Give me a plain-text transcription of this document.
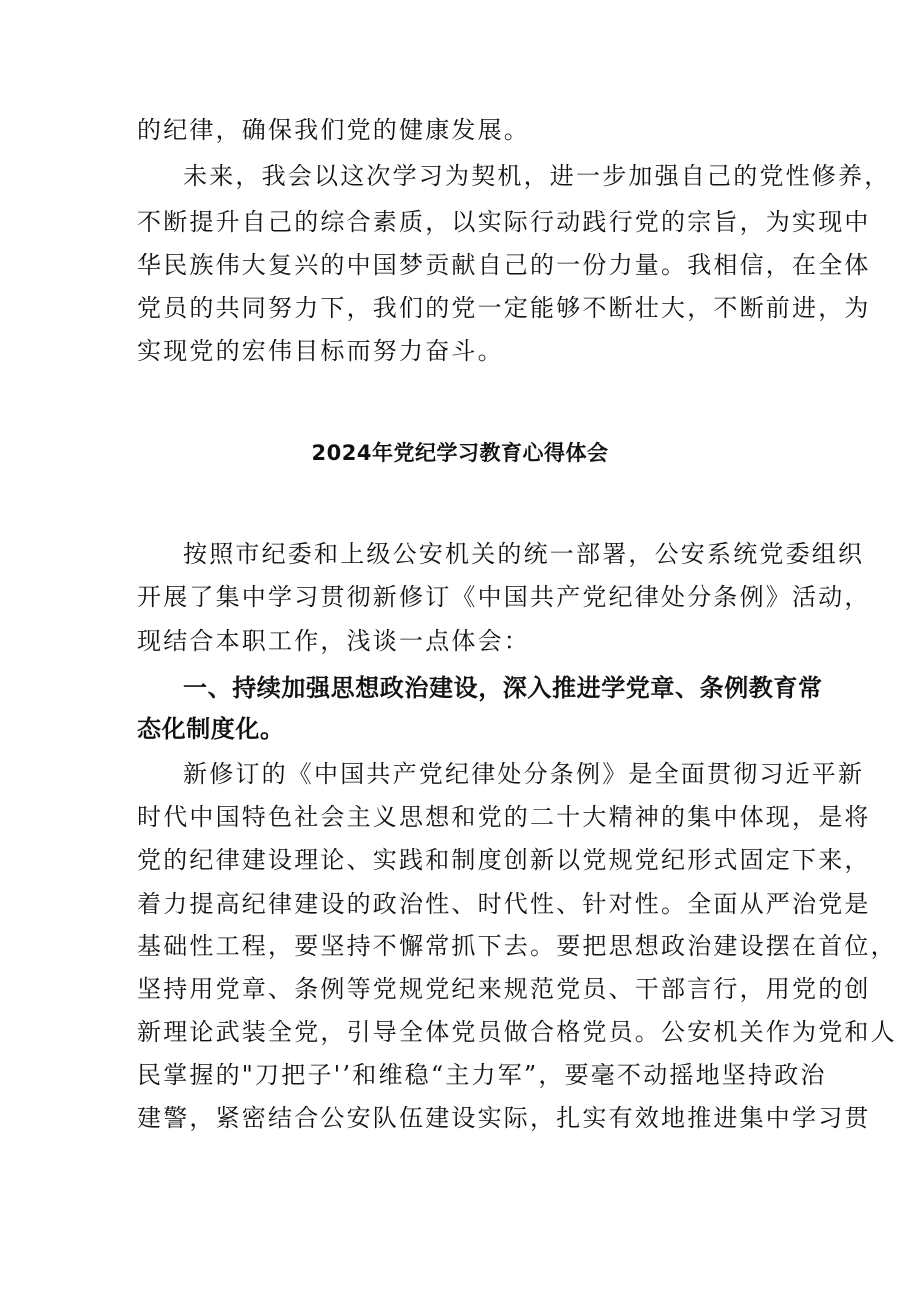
的纪律，确保我们党的健康发展。

未来，我会以这次学习为契机，进一步加强自己的党性修养，

不断提升自己的综合素质，以实际行动践行党的宗旨，为实现中

华民族伟大复兴的中国梦贡献自己的一份力量。我相信，在全体

党员的共同努力下，我们的党一定能够不断壮大，不断前进，为

实现党的宏伟目标而努力奋斗。

2024年党纪学习教育心得体会

按照市纪委和上级公安机关的统一部署，公安系统党委组织

开展了集中学习贯彻新修订《中国共产党纪律处分条例》活动，

现结合本职工作，浅谈一点体会：

一、持续加强思想政治建设，深入推进学党章、条例教育常
态化制度化。

新修订的《中国共产党纪律处分条例》是全面贯彻习近平新

时代中国特色社会主义思想和党的二十大精神的集中体现，是将

党的纪律建设理论、实践和制度创新以党规党纪形式固定下来，

着力提高纪律建设的政治性、时代性、针对性。全面从严治党是

基础性工程，要坚持不懈常抓下去。要把思想政治建设摆在首位，

坚持用党章、条例等党规党纪来规范党员、干部言行，用党的创

新理论武装全党，引导全体党员做合格党员。公安机关作为党和人

民掌握的"刀把子'’和维稳“主力军”，要毫不动摇地坚持政治

建警，紧密结合公安队伍建设实际，扎实有效地推进集中学习贯
